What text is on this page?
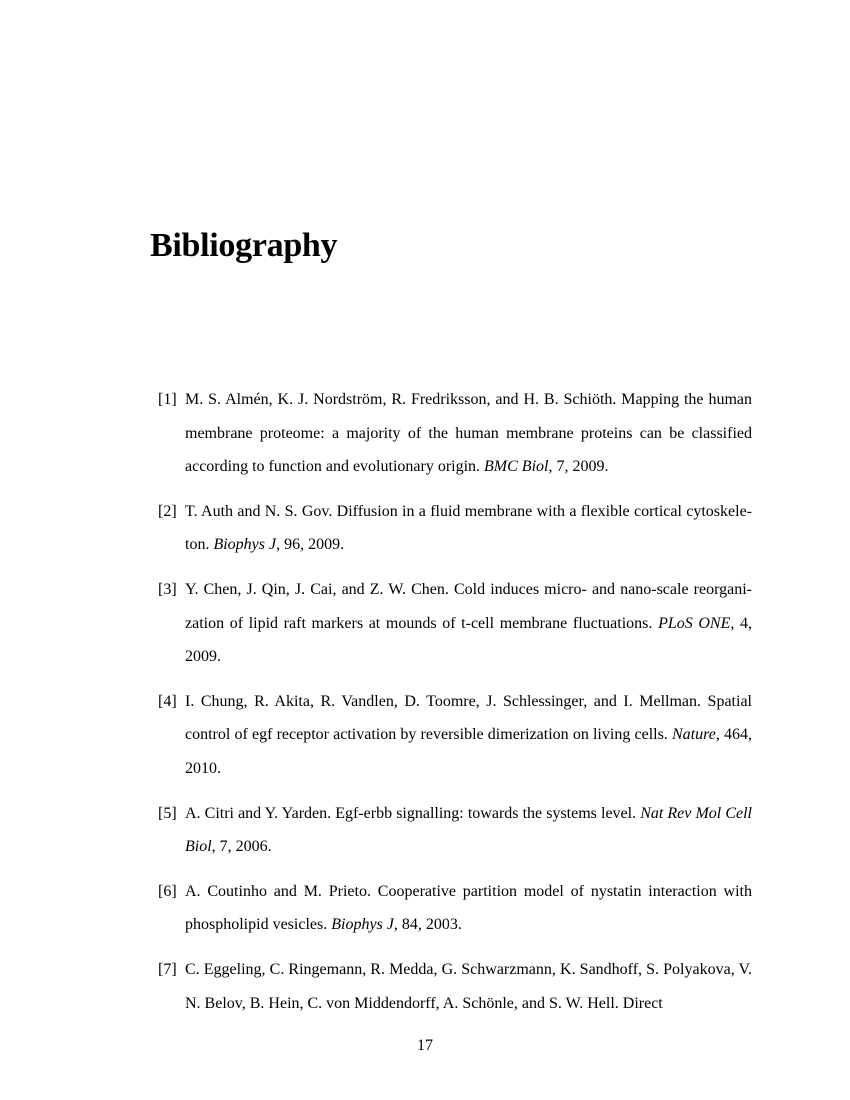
Bibliography
[ 1 ] M. S. Almén, K. J. Nordström, R. Fredriksson, and H. B. Schiöth. Mapping the human membrane proteome: a majority of the human membrane proteins can be classified according to function and evolutionary origin. BMC Biol, 7, 2009.
[ 2 ] T. Auth and N. S. Gov. Diffusion in a fluid membrane with a flexible cortical cytoskeleton. Biophys J, 96, 2009.
[ 3 ] Y. Chen, J. Qin, J. Cai, and Z. W. Chen. Cold induces micro- and nano-scale reorganization of lipid raft markers at mounds of t-cell membrane fluctuations. PLoS ONE, 4, 2009.
[ 4 ] I. Chung, R. Akita, R. Vandlen, D. Toomre, J. Schlessinger, and I. Mellman. Spatial control of egf receptor activation by reversible dimerization on living cells. Nature, 464, 2010.
[ 5 ] A. Citri and Y. Yarden. Egf-erbb signalling: towards the systems level. Nat Rev Mol Cell Biol, 7, 2006.
[ 6 ] A. Coutinho and M. Prieto. Cooperative partition model of nystatin interaction with phospholipid vesicles. Biophys J, 84, 2003.
[ 7 ] C. Eggeling, C. Ringemann, R. Medda, G. Schwarzmann, K. Sandhoff, S. Polyakova, V. N. Belov, B. Hein, C. von Middendorff, A. Schönle, and S. W. Hell. Direct
17
